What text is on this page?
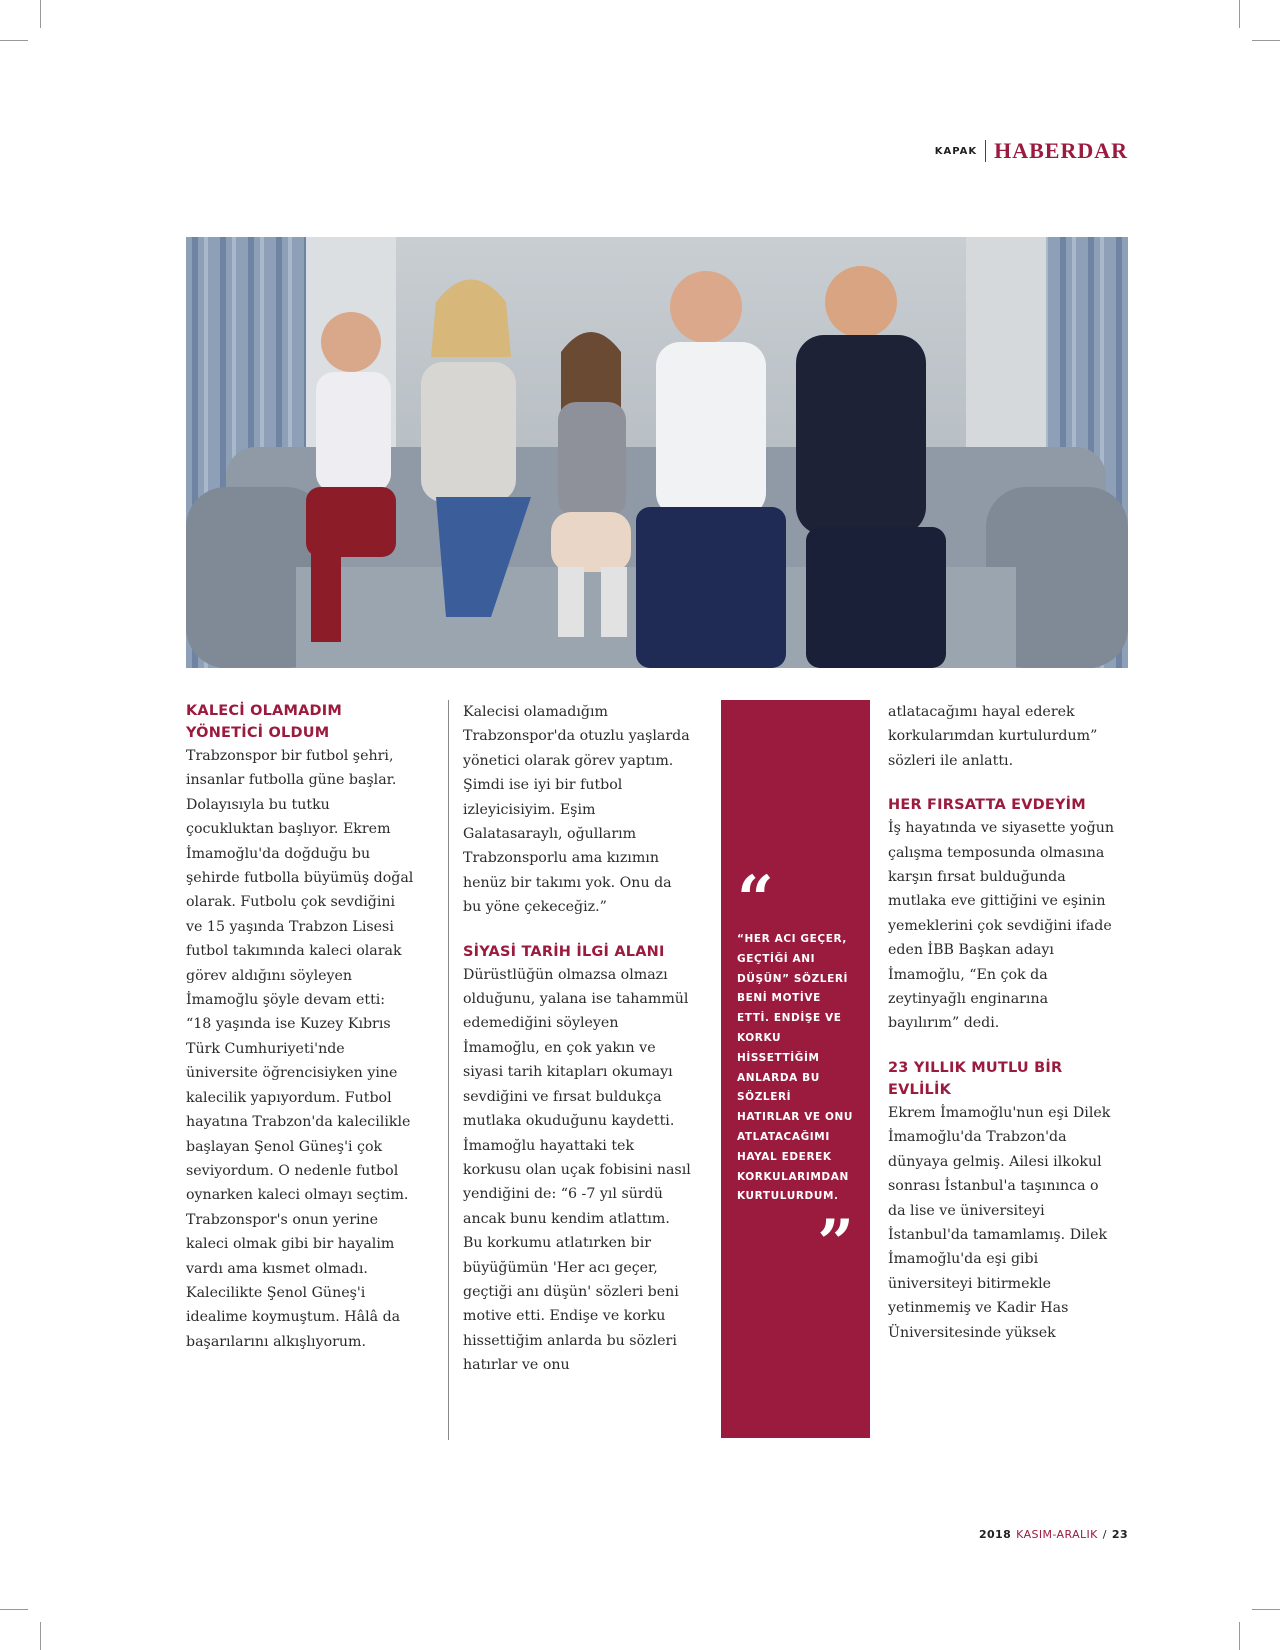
KAPAK HABERDAR

KALECİ OLAMADIM YÖNETİCİ OLDUM

Trabzonspor bir futbol şehri, insanlar futbolla güne başlar. Dolayısıyla bu tutku çocukluktan başlıyor. Ekrem İmamoğlu'da doğduğu bu şehirde futbolla büyümüş doğal olarak. Futbolu çok sevdiğini ve 15 yaşında Trabzon Lisesi futbol takımında kaleci olarak görev aldığını söyleyen İmamoğlu şöyle devam etti: “18 yaşında ise Kuzey Kıbrıs Türk Cumhuriyeti'nde üniversite öğrencisiyken yine kalecilik yapıyordum. Futbol hayatına Trabzon'da kalecilikle başlayan Şenol Güneş'i çok seviyordum. O nedenle futbol oynarken kaleci olmayı seçtim. Trabzonspor's onun yerine kaleci olmak gibi bir hayalim vardı ama kısmet olmadı. Kalecilikte Şenol Güneş'i idealime koymuştum. Hâlâ da başarılarını alkışlıyorum.

Kalecisi olamadığım Trabzonspor'da otuzlu yaşlarda yönetici olarak görev yaptım. Şimdi ise iyi bir futbol izleyicisiyim. Eşim Galatasaraylı, oğullarım Trabzonsporlu ama kızımın henüz bir takımı yok. Onu da bu yöne çekeceğiz.”

SİYASİ TARİH İLGİ ALANI

Dürüstlüğün olmazsa olmazı olduğunu, yalana ise tahammül edemediğini söyleyen İmamoğlu, en çok yakın ve siyasi tarih kitapları okumayı sevdiğini ve fırsat buldukça mutlaka okuduğunu kaydetti. İmamoğlu hayattaki tek korkusu olan uçak fobisini nasıl yendiğini de: “6 -7 yıl sürdü ancak bunu kendim atlattım. Bu korkumu atlatırken bir büyüğümün 'Her acı geçer, geçtiği anı düşün' sözleri beni motive etti. Endişe ve korku hissettiğim anlarda bu sözleri hatırlar ve onu

“
“HER ACI GEÇER, GEÇTİĞİ ANI DÜŞÜN” SÖZLERİ BENİ MOTİVE ETTİ. ENDİŞE VE KORKU HİSSETTİĞİM ANLARDA BU SÖZLERİ HATIRLAR VE ONU ATLATACAĞIMI HAYAL EDEREK KORKULARIMDAN KURTULURDUM.
”

atlatacağımı hayal ederek korkularımdan kurtulurdum” sözleri ile anlattı.

HER FIRSATTA EVDEYİM

İş hayatında ve siyasette yoğun çalışma temposunda olmasına karşın fırsat bulduğunda mutlaka eve gittiğini ve eşinin yemeklerini çok sevdiğini ifade eden İBB Başkan adayı İmamoğlu, “En çok da zeytinyağlı enginarına bayılırım” dedi.

23 YILLIK MUTLU BİR EVLİLİK

Ekrem İmamoğlu'nun eşi Dilek İmamoğlu'da Trabzon'da dünyaya gelmiş. Ailesi ilkokul sonrası İstanbul'a taşınınca o da lise ve üniversiteyi İstanbul'da tamamlamış. Dilek İmamoğlu'da eşi gibi üniversiteyi bitirmekle yetinmemiş ve Kadir Has Üniversitesinde yüksek

2018 KASIM-ARALIK / 23
